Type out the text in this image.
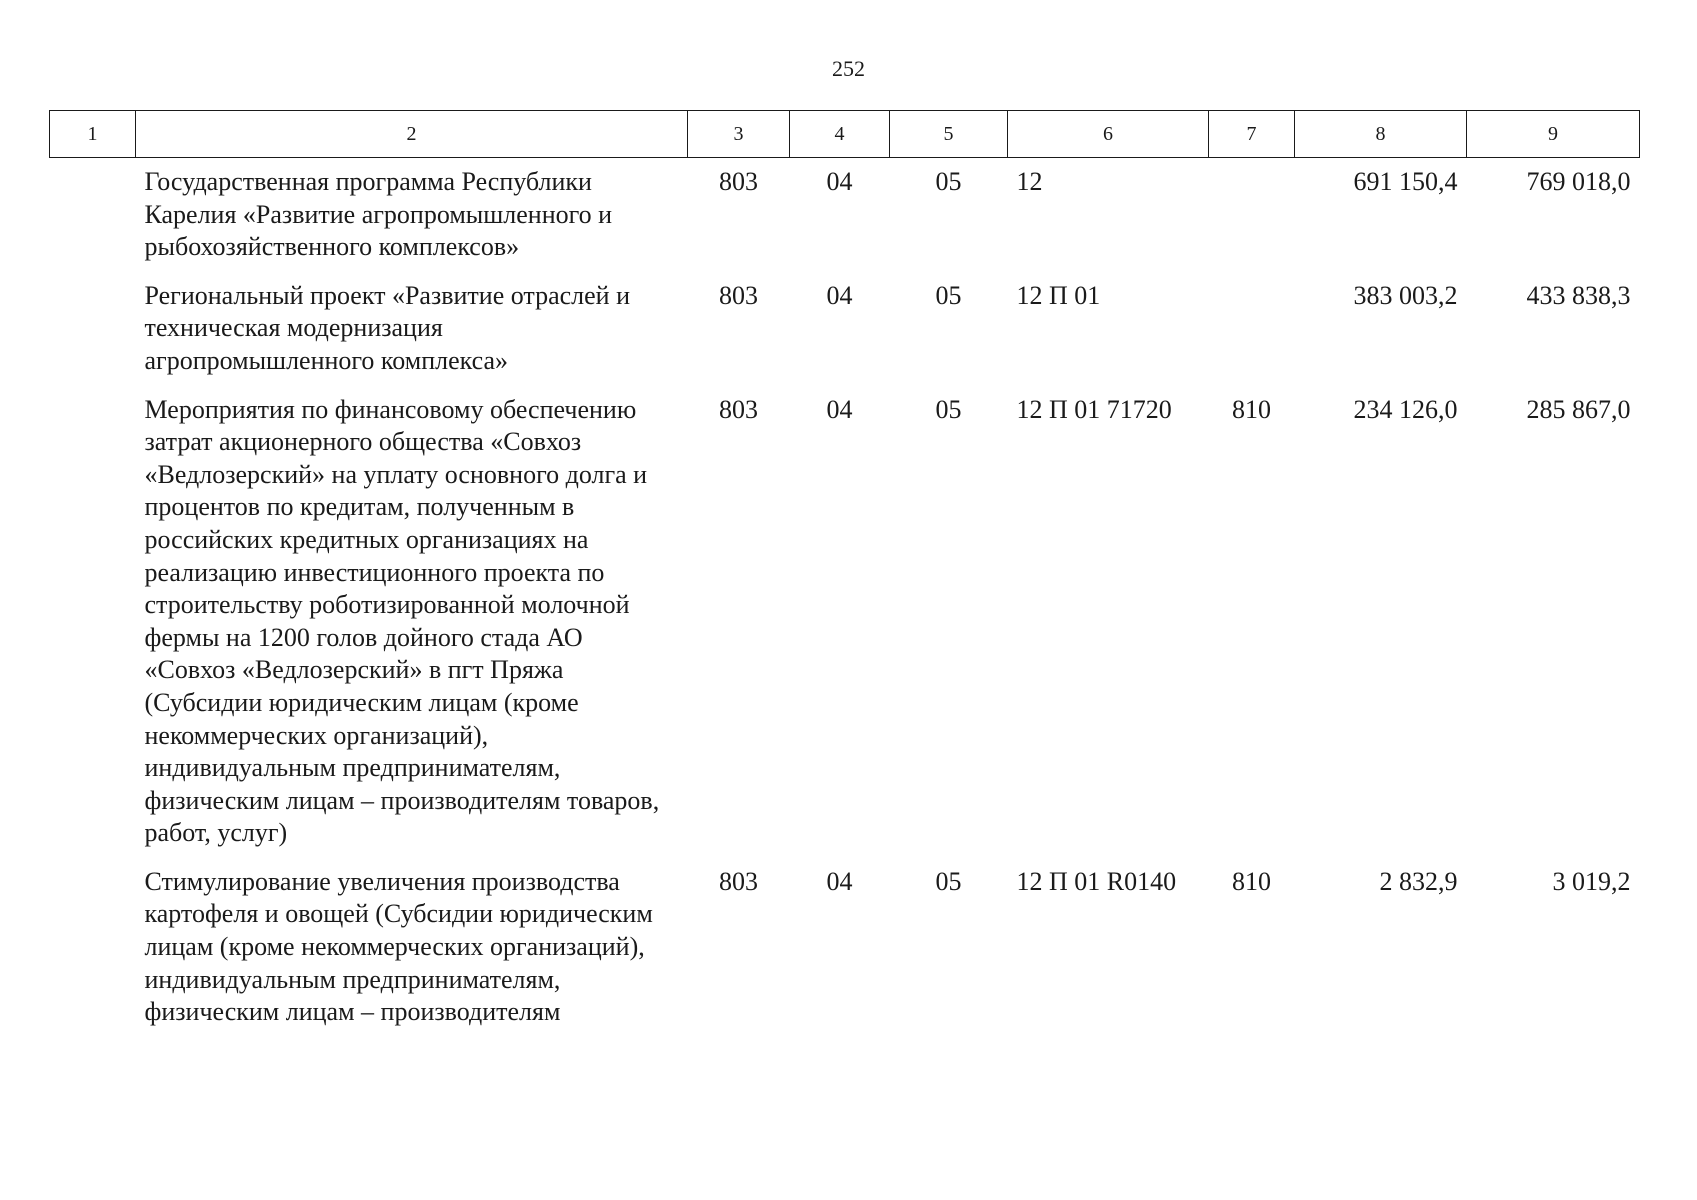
252
1	2	3	4	5	6	7	8	9
	Государственная программа Республики Карелия «Развитие агропромышленного и рыбохозяйственного комплексов»	803	04	05	12		691 150,4	769 018,0
	Региональный проект «Развитие отраслей и техническая модернизация агропромышленного комплекса»	803	04	05	12 П 01		383 003,2	433 838,3
	Мероприятия по финансовому обеспечению затрат акционерного общества «Совхоз «Ведлозерский» на уплату основного долга и процентов по кредитам, полученным в российских кредитных организациях на реализацию инвестиционного проекта по строительству роботизированной молочной фермы на 1200 голов дойного стада АО «Совхоз «Ведлозерский» в пгт Пряжа (Субсидии юридическим лицам (кроме некоммерческих организаций), индивидуальным предпринимателям, физическим лицам – производителям товаров, работ, услуг)	803	04	05	12 П 01 71720	810	234 126,0	285 867,0
	Стимулирование увеличения производства картофеля и овощей (Субсидии юридическим лицам (кроме некоммерческих организаций), индивидуальным предпринимателям, физическим лицам – производителям	803	04	05	12 П 01 R0140	810	2 832,9	3 019,2
